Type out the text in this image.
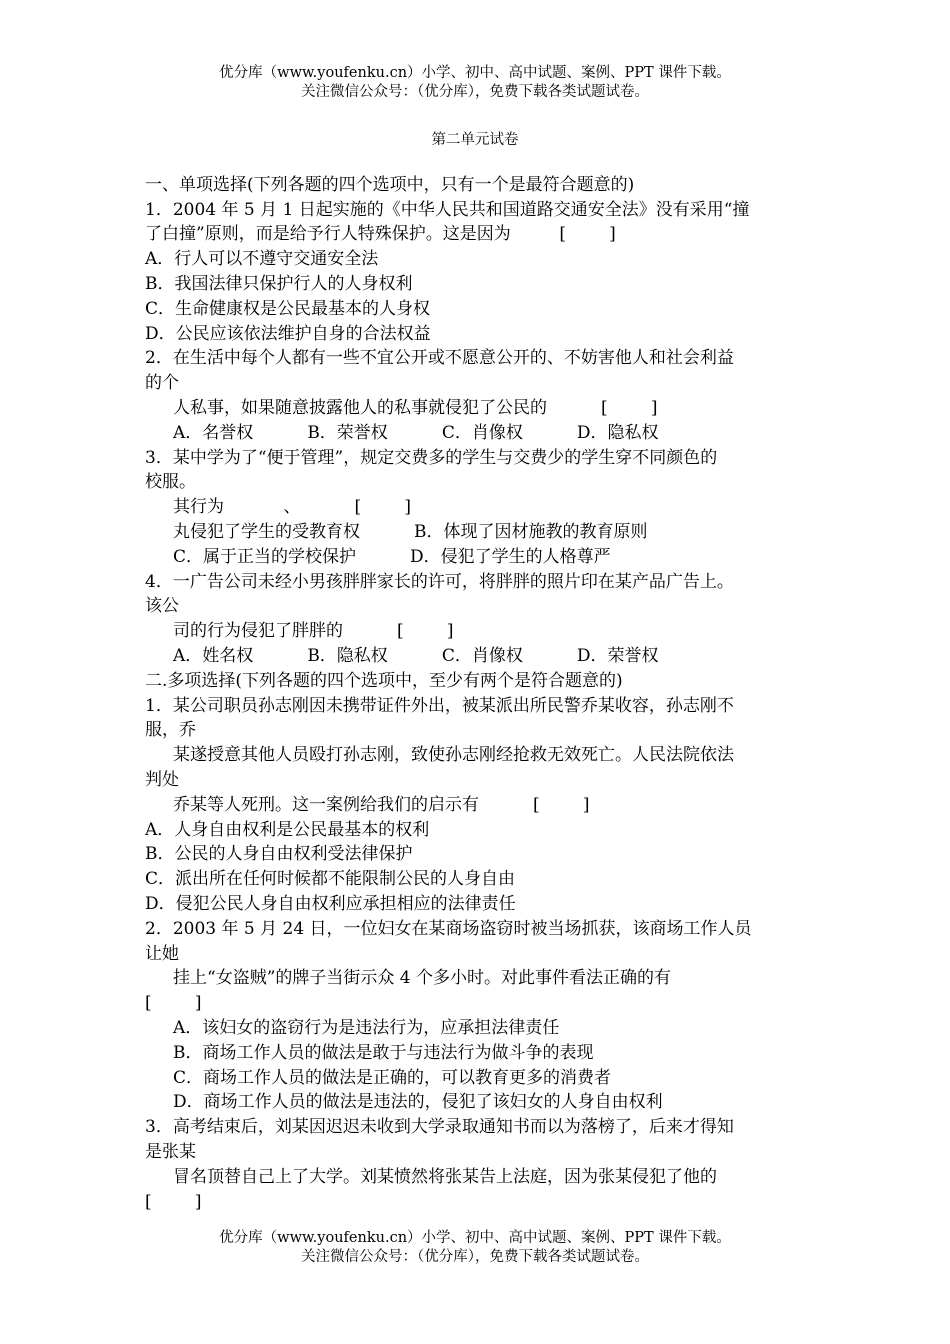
优分库（www.youfenku.cn）小学、初中、高中试题、案例、PPT 课件下载。
关注微信公众号：（优分库），免费下载各类试题试卷。
第二单元试卷
一、单项选择(下列各题的四个选项中，只有一个是最符合题意的)
1．2004 年 5 月 1 日起实施的《中华人民共和国道路交通安全法》没有采用“撞
了白撞”原则，而是给予行人特殊保护。这是因为         [        ]
A．行人可以不遵守交通安全法
B．我国法律只保护行人的人身权利
C．生命健康权是公民最基本的人身权
D．公民应该依法维护自身的合法权益
2．在生活中每个人都有一些不宜公开或不愿意公开的、不妨害他人和社会利益
的个
人私事，如果随意披露他人的私事就侵犯了公民的          [        ]
A．名誉权          B．荣誉权          C．肖像权          D．隐私权
3．某中学为了“便于管理”，规定交费多的学生与交费少的学生穿不同颜色的
校服。
其行为           、          [        ]
丸侵犯了学生的受教育权          B．体现了因材施教的教育原则
C．属于正当的学校保护          D．侵犯了学生的人格尊严
4．一广告公司未经小男孩胖胖家长的许可，将胖胖的照片印在某产品广告上。
该公
司的行为侵犯了胖胖的          [        ]
A．姓名权          B．隐私权          C．肖像权          D．荣誉权
二.多项选择(下列各题的四个选项中，至少有两个是符合题意的)
1．某公司职员孙志刚因未携带证件外出，被某派出所民警乔某收容，孙志刚不
服，乔
某遂授意其他人员殴打孙志刚，致使孙志刚经抢救无效死亡。人民法院依法
判处
乔某等人死刑。这一案例给我们的启示有          [        ]
A．人身自由权利是公民最基本的权利
B．公民的人身自由权利受法律保护
C．派出所在任何时候都不能限制公民的人身自由
D．侵犯公民人身自由权利应承担相应的法律责任
2．2003 年 5 月 24 日，一位妇女在某商场盗窃时被当场抓获，该商场工作人员
让她
挂上“女盗贼”的牌子当街示众 4 个多小时。对此事件看法正确的有
[        ]
A．该妇女的盗窃行为是违法行为，应承担法律责任
B．商场工作人员的做法是敢于与违法行为做斗争的表现
C．商场工作人员的做法是正确的，可以教育更多的消费者
D．商场工作人员的做法是违法的，侵犯了该妇女的人身自由权利
3．高考结束后，刘某因迟迟未收到大学录取通知书而以为落榜了，后来才得知
是张某
冒名顶替自己上了大学。刘某愤然将张某告上法庭，因为张某侵犯了他的
[        ]
优分库（www.youfenku.cn）小学、初中、高中试题、案例、PPT 课件下载。
关注微信公众号：（优分库），免费下载各类试题试卷。
